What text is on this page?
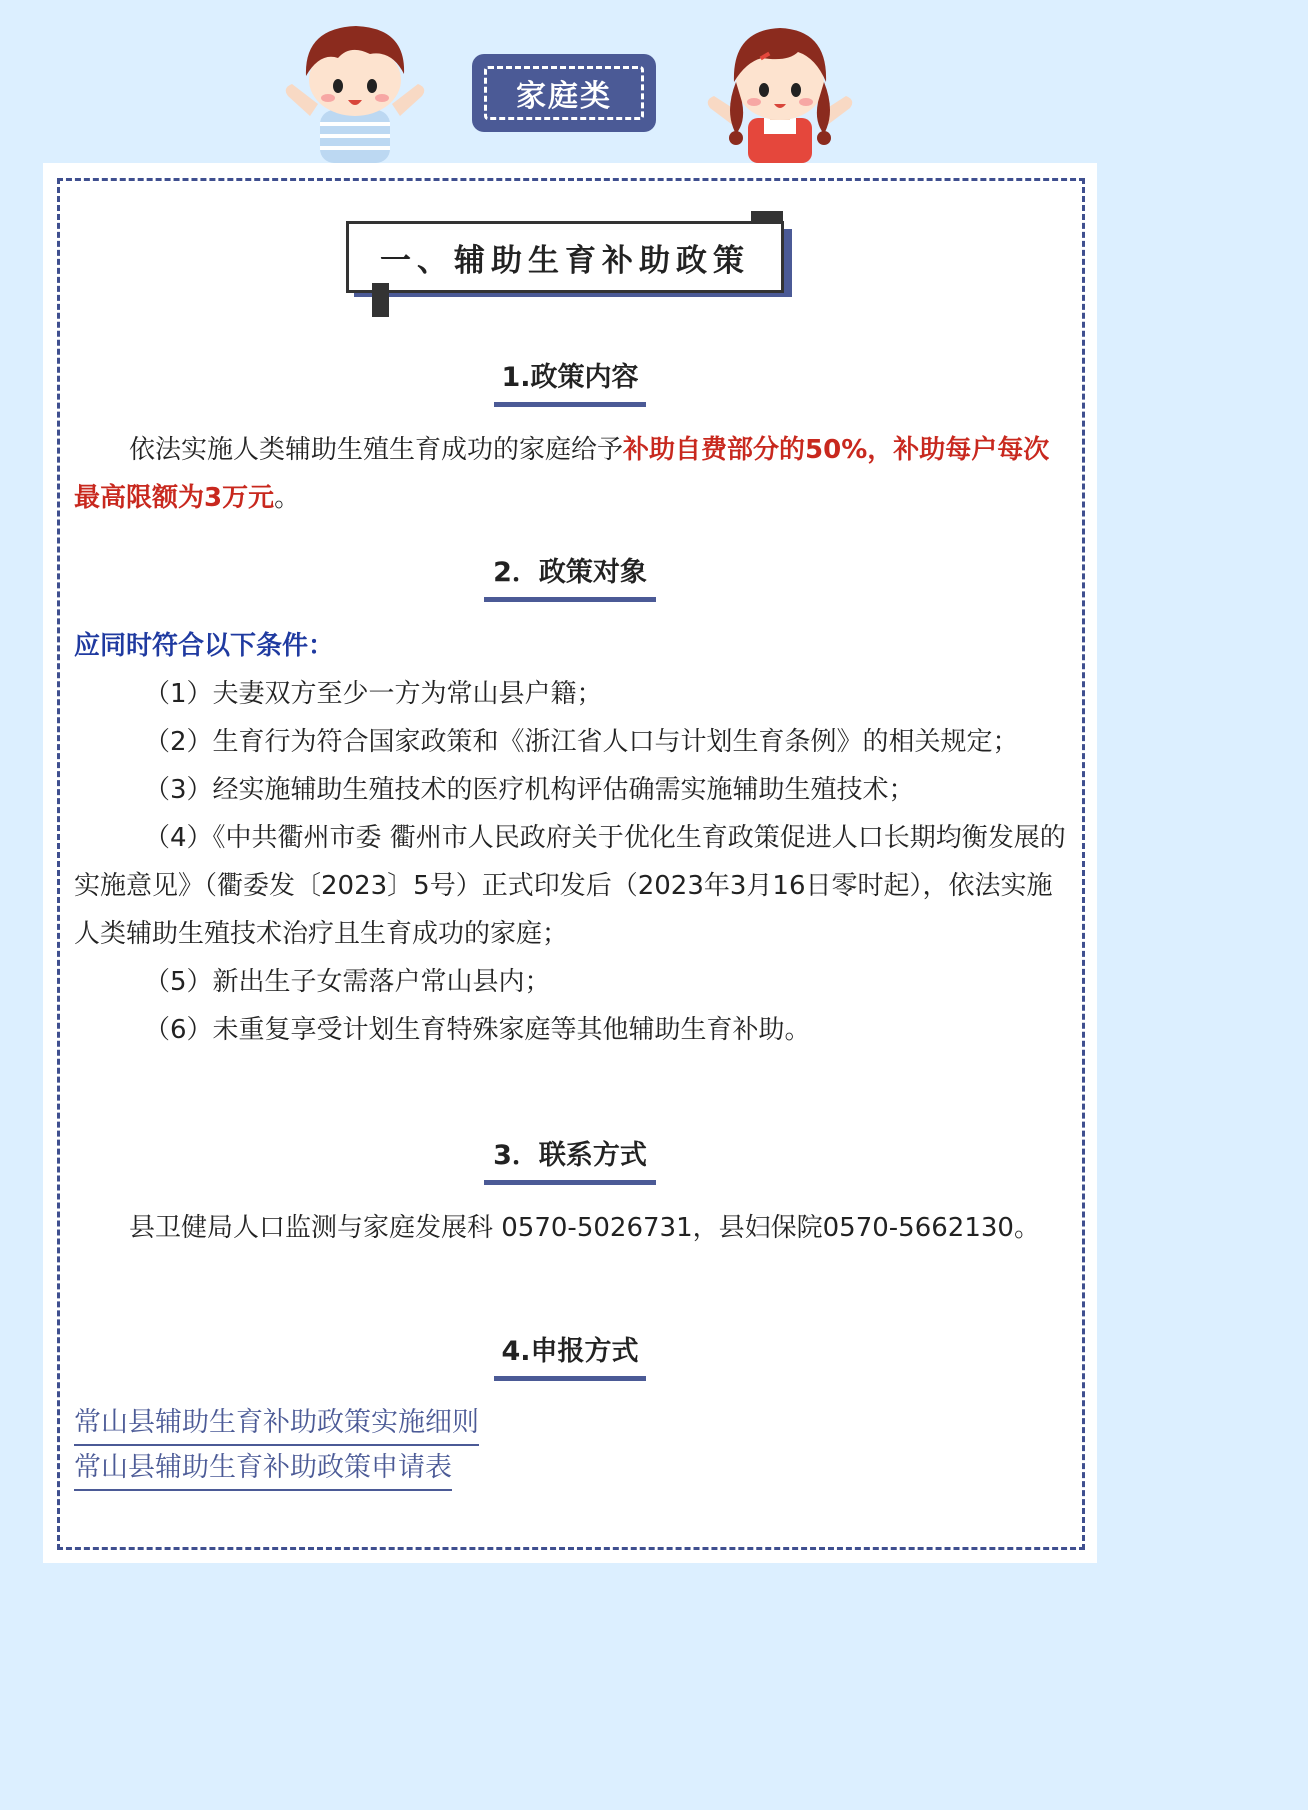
家庭类
一、辅助生育补助政策
1.政策内容
依法实施人类辅助生殖生育成功的家庭给予补助自费部分的50%，补助每户每次最高限额为3万元。
2．政策对象
应同时符合以下条件：
（1）夫妻双方至少一方为常山县户籍；
（2）生育行为符合国家政策和《浙江省人口与计划生育条例》的相关规定；
（3）经实施辅助生殖技术的医疗机构评估确需实施辅助生殖技术；
（4）《中共衢州市委 衢州市人民政府关于优化生育政策促进人口长期均衡发展的实施意见》（衢委发〔2023〕5号）正式印发后（2023年3月16日零时起），依法实施人类辅助生殖技术治疗且生育成功的家庭；
（5）新出生子女需落户常山县内；
（6）未重复享受计划生育特殊家庭等其他辅助生育补助。
3．联系方式
县卫健局人口监测与家庭发展科 0570-5026731，县妇保院0570-5662130。
4.申报方式
常山县辅助生育补助政策实施细则
常山县辅助生育补助政策申请表
